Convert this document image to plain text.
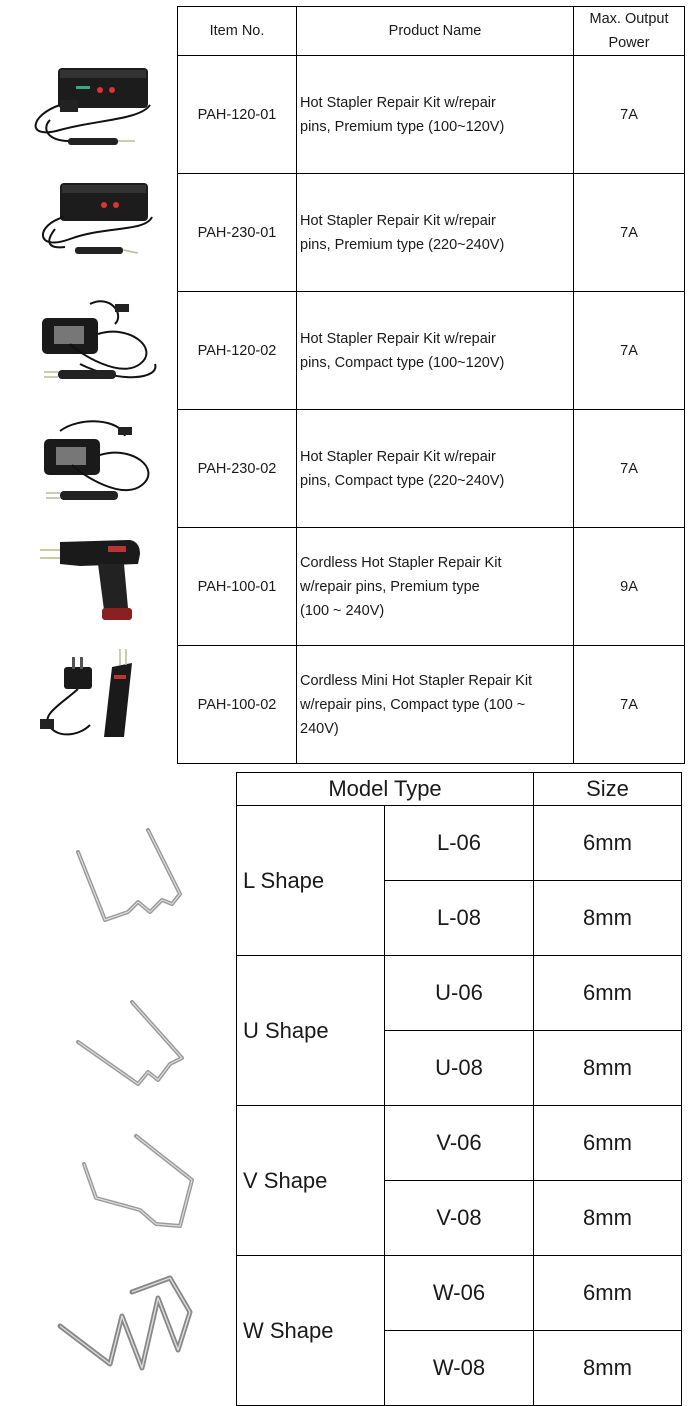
Item No.	Product Name	Max. Output
Power

PAH-120-01	Hot Stapler Repair Kit w/repair
pins, Premium type (100~120V)	7A
PAH-230-01	Hot Stapler Repair Kit w/repair
pins, Premium type (220~240V)	7A
PAH-120-02	Hot Stapler Repair Kit w/repair
pins, Compact type (100~120V)	7A
PAH-230-02	Hot Stapler Repair Kit w/repair
pins, Compact type (220~240V)	7A
PAH-100-01	Cordless Hot Stapler Repair Kit
w/repair pins, Premium type
(100 ~ 240V)	9A
PAH-100-02	Cordless Mini Hot Stapler Repair Kit
w/repair pins, Compact type (100 ~
240V)	7A
Model Type		Size
L Shape	L-06	6mm
	L-08	8mm
U Shape	U-06	6mm
	U-08	8mm
V Shape	V-06	6mm
	V-08	8mm
W Shape	W-06	6mm
	W-08	8mm
